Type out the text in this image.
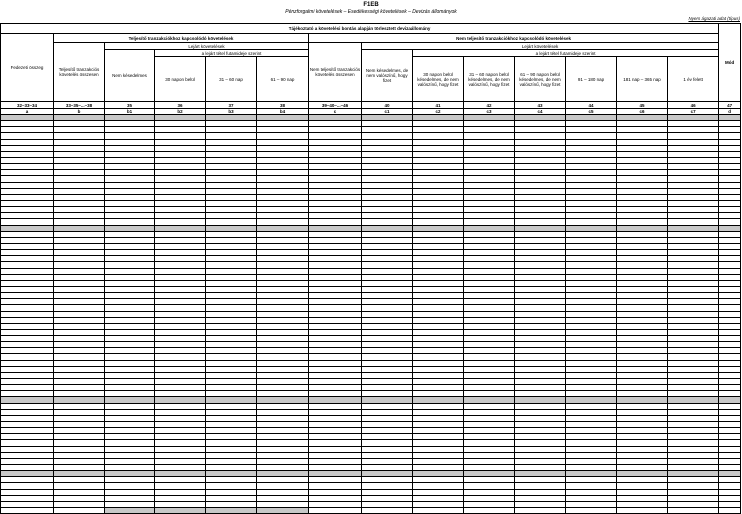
F1EB
Pénzforgalmi követelések – Esedékességi követelések – Devizás állományok
Nyers ágazati adat (típus)
Tájékoztató a követelési bontás alapján törlesztett devizaállomány														Mód
Fedezeti összeg	Teljesítő tranzakciókhoz kapcsolódó követelések					Nem teljesítő tranzakciókhoz kapcsolódó követelések								
	Teljesítő tranzakciós követelés összesen	Lejárt követelések				Nem teljesítő tranzakciós követelés összesen	Lejárt követelések							
		Nem késedelmes	a lejárt tétel futamideje szerint				Nem késedelmes, de nem valószínű, hogy fizet	a lejárt tétel futamideje szerint						
			30 napon belül	31 – 60 nap	61 – 90 nap			30 napon belül késedelmes, de nem valószínű, hogy fizet	31 – 60 napon belül késedelmes, de nem valószínű, hogy fizet	61 – 90 napon belül késedelmes, de nem valószínű, hogy fizet	91 – 180 nap	181 nap – 365 nap	1 év felett	
32–33–34	33–35–...–38	35	36	37	38	39–40–...–46	40	41	42	43	44	45	46	47
a	b	b1	b2	b3	b4	c	c1	c2	c3	c4	c5	c6	c7	d
